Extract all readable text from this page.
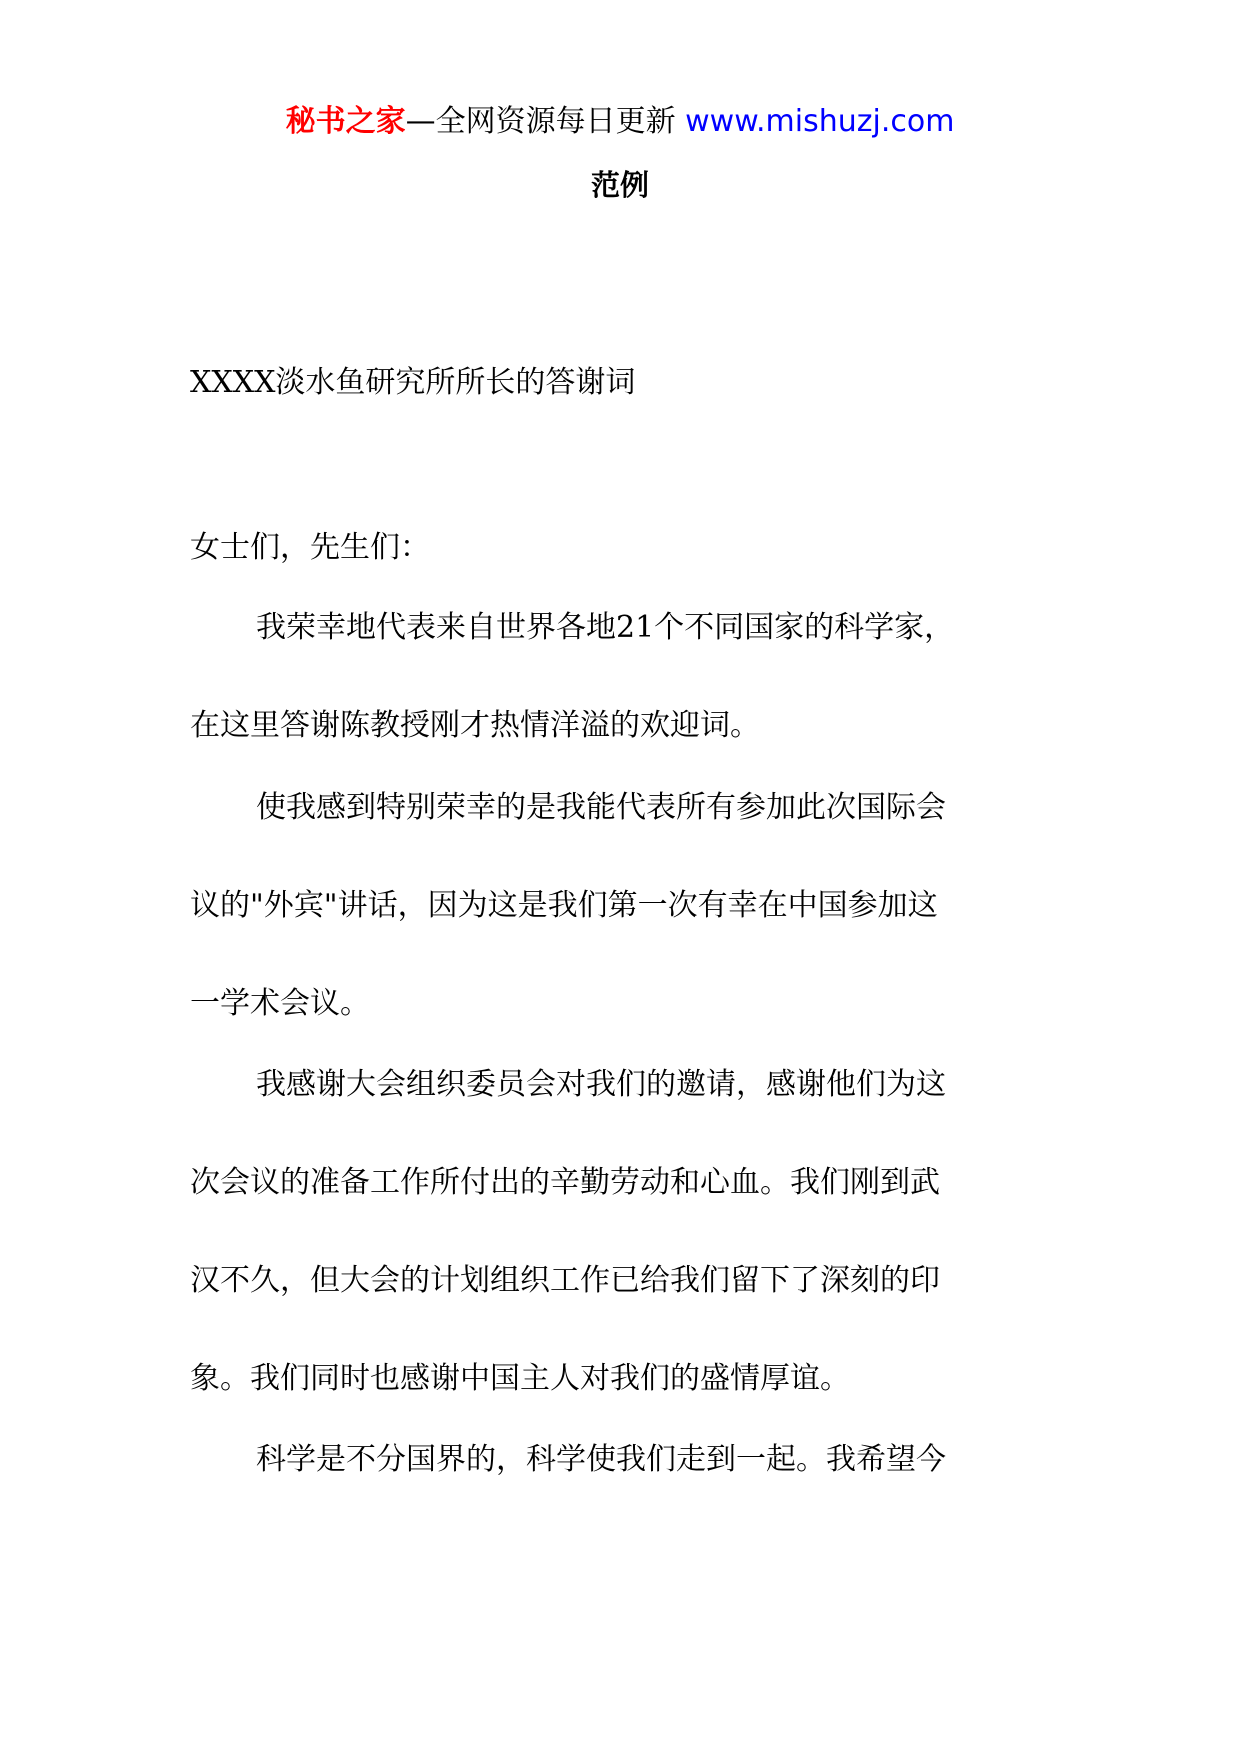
秘书之家—全网资源每日更新 www.mishuzj.com
范例
XXXX淡水鱼研究所所长的答谢词
女士们，先生们：
我荣幸地代表来自世界各地21个不同国家的科学家，
在这里答谢陈教授刚才热情洋溢的欢迎词。
使我感到特别荣幸的是我能代表所有参加此次国际会
议的"外宾"讲话，因为这是我们第一次有幸在中国参加这
一学术会议。
我感谢大会组织委员会对我们的邀请，感谢他们为这
次会议的准备工作所付出的辛勤劳动和心血。我们刚到武
汉不久，但大会的计划组织工作已给我们留下了深刻的印
象。我们同时也感谢中国主人对我们的盛情厚谊。
科学是不分国界的，科学使我们走到一起。我希望今
